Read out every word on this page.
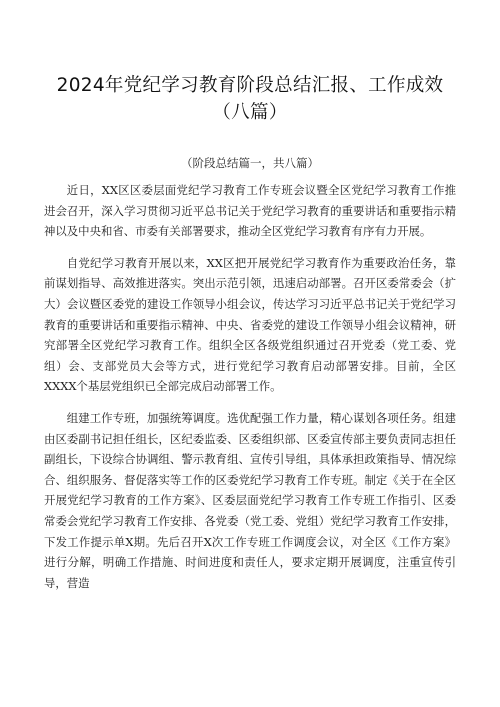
2024年党纪学习教育阶段总结汇报、工作成效（八篇）

（阶段总结篇一，共八篇）

近日，XX区区委层面党纪学习教育工作专班会议暨全区党纪学习教育工作推进会召开，深入学习贯彻习近平总书记关于党纪学习教育的重要讲话和重要指示精神以及中央和省、市委有关部署要求，推动全区党纪学习教育有序有力开展。

自党纪学习教育开展以来，XX区把开展党纪学习教育作为重要政治任务，靠前谋划指导、高效推进落实。突出示范引领，迅速启动部署。召开区委常委会（扩大）会议暨区委党的建设工作领导小组会议，传达学习习近平总书记关于党纪学习教育的重要讲话和重要指示精神、中央、省委党的建设工作领导小组会议精神，研究部署全区党纪学习教育工作。组织全区各级党组织通过召开党委（党工委、党组）会、支部党员大会等方式，进行党纪学习教育启动部署安排。目前，全区XXXX个基层党组织已全部完成启动部署工作。

组建工作专班，加强统筹调度。选优配强工作力量，精心谋划各项任务。组建由区委副书记担任组长，区纪委监委、区委组织部、区委宣传部主要负责同志担任副组长，下设综合协调组、警示教育组、宣传引导组，具体承担政策指导、情况综合、组织服务、督促落实等工作的区委党纪学习教育工作专班。制定《关于在全区开展党纪学习教育的工作方案》、区委层面党纪学习教育工作专班工作指引、区委常委会党纪学习教育工作安排、各党委（党工委、党组）党纪学习教育工作安排，下发工作提示单X期。先后召开X次工作专班工作调度会议，对全区《工作方案》进行分解，明确工作措施、时间进度和责任人，要求定期开展调度，注重宣传引导，营造
